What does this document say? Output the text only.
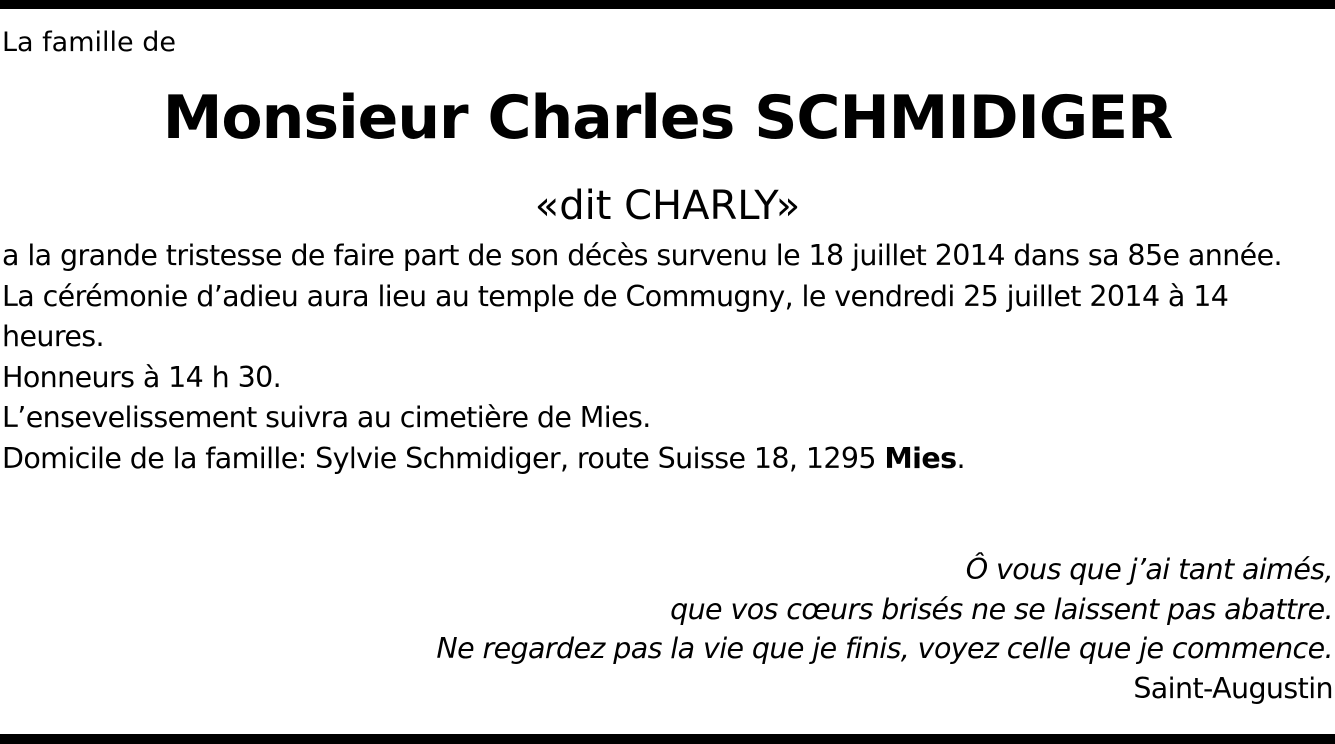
La famille de
Monsieur Charles SCHMIDIGER
«dit CHARLY»

a la grande tristesse de faire part de son décès survenu le 18 juillet 2014 dans sa 85e année.

La cérémonie d’adieu aura lieu au temple de Commugny, le vendredi 25 juillet 2014 à 14 heures.

Honneurs à 14 h 30.

L’ensevelissement suivra au cimetière de Mies.

Domicile de la famille: Sylvie Schmidiger, route Suisse 18, 1295 Mies.

Ô vous que j’ai tant aimés,

que vos cœurs brisés ne se laissent pas abattre.

Ne regardez pas la vie que je finis, voyez celle que je commence.

Saint-Augustin
